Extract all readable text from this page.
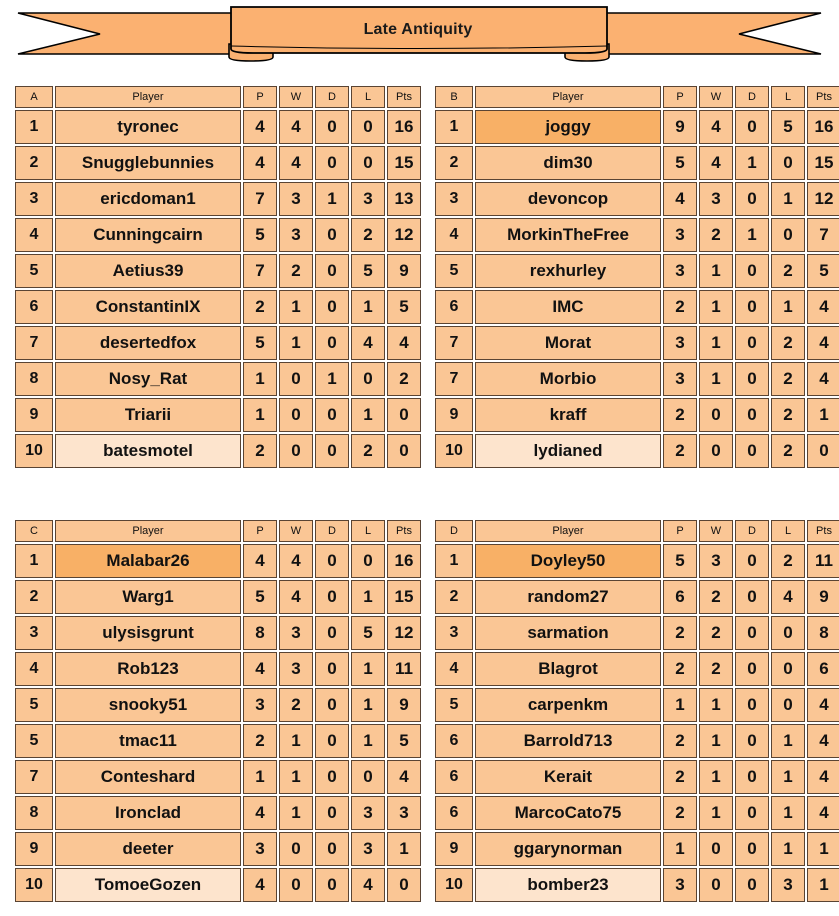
Late Antiquity
A	Player	P	W	D	L	Pts
1	tyronec	4	4	0	0	16
2	Snugglebunnies	4	4	0	0	15
3	ericdoman1	7	3	1	3	13
4	Cunningcairn	5	3	0	2	12
5	Aetius39	7	2	0	5	9
6	ConstantinIX	2	1	0	1	5
7	desertedfox	5	1	0	4	4
8	Nosy_Rat	1	0	1	0	2
9	Triarii	1	0	0	1	0
10	batesmotel	2	0	0	2	0
B	Player	P	W	D	L	Pts
1	joggy	9	4	0	5	16
2	dim30	5	4	1	0	15
3	devoncop	4	3	0	1	12
4	MorkinTheFree	3	2	1	0	7
5	rexhurley	3	1	0	2	5
6	IMC	2	1	0	1	4
7	Morat	3	1	0	2	4
7	Morbio	3	1	0	2	4
9	kraff	2	0	0	2	1
10	lydianed	2	0	0	2	0
C	Player	P	W	D	L	Pts
1	Malabar26	4	4	0	0	16
2	Warg1	5	4	0	1	15
3	ulysisgrunt	8	3	0	5	12
4	Rob123	4	3	0	1	11
5	snooky51	3	2	0	1	9
5	tmac11	2	1	0	1	5
7	Conteshard	1	1	0	0	4
8	Ironclad	4	1	0	3	3
9	deeter	3	0	0	3	1
10	TomoeGozen	4	0	0	4	0
D	Player	P	W	D	L	Pts
1	Doyley50	5	3	0	2	11
2	random27	6	2	0	4	9
3	sarmation	2	2	0	0	8
4	Blagrot	2	2	0	0	6
5	carpenkm	1	1	0	0	4
6	Barrold713	2	1	0	1	4
6	Kerait	2	1	0	1	4
6	MarcoCato75	2	1	0	1	4
9	ggarynorman	1	0	0	1	1
10	bomber23	3	0	0	3	1
